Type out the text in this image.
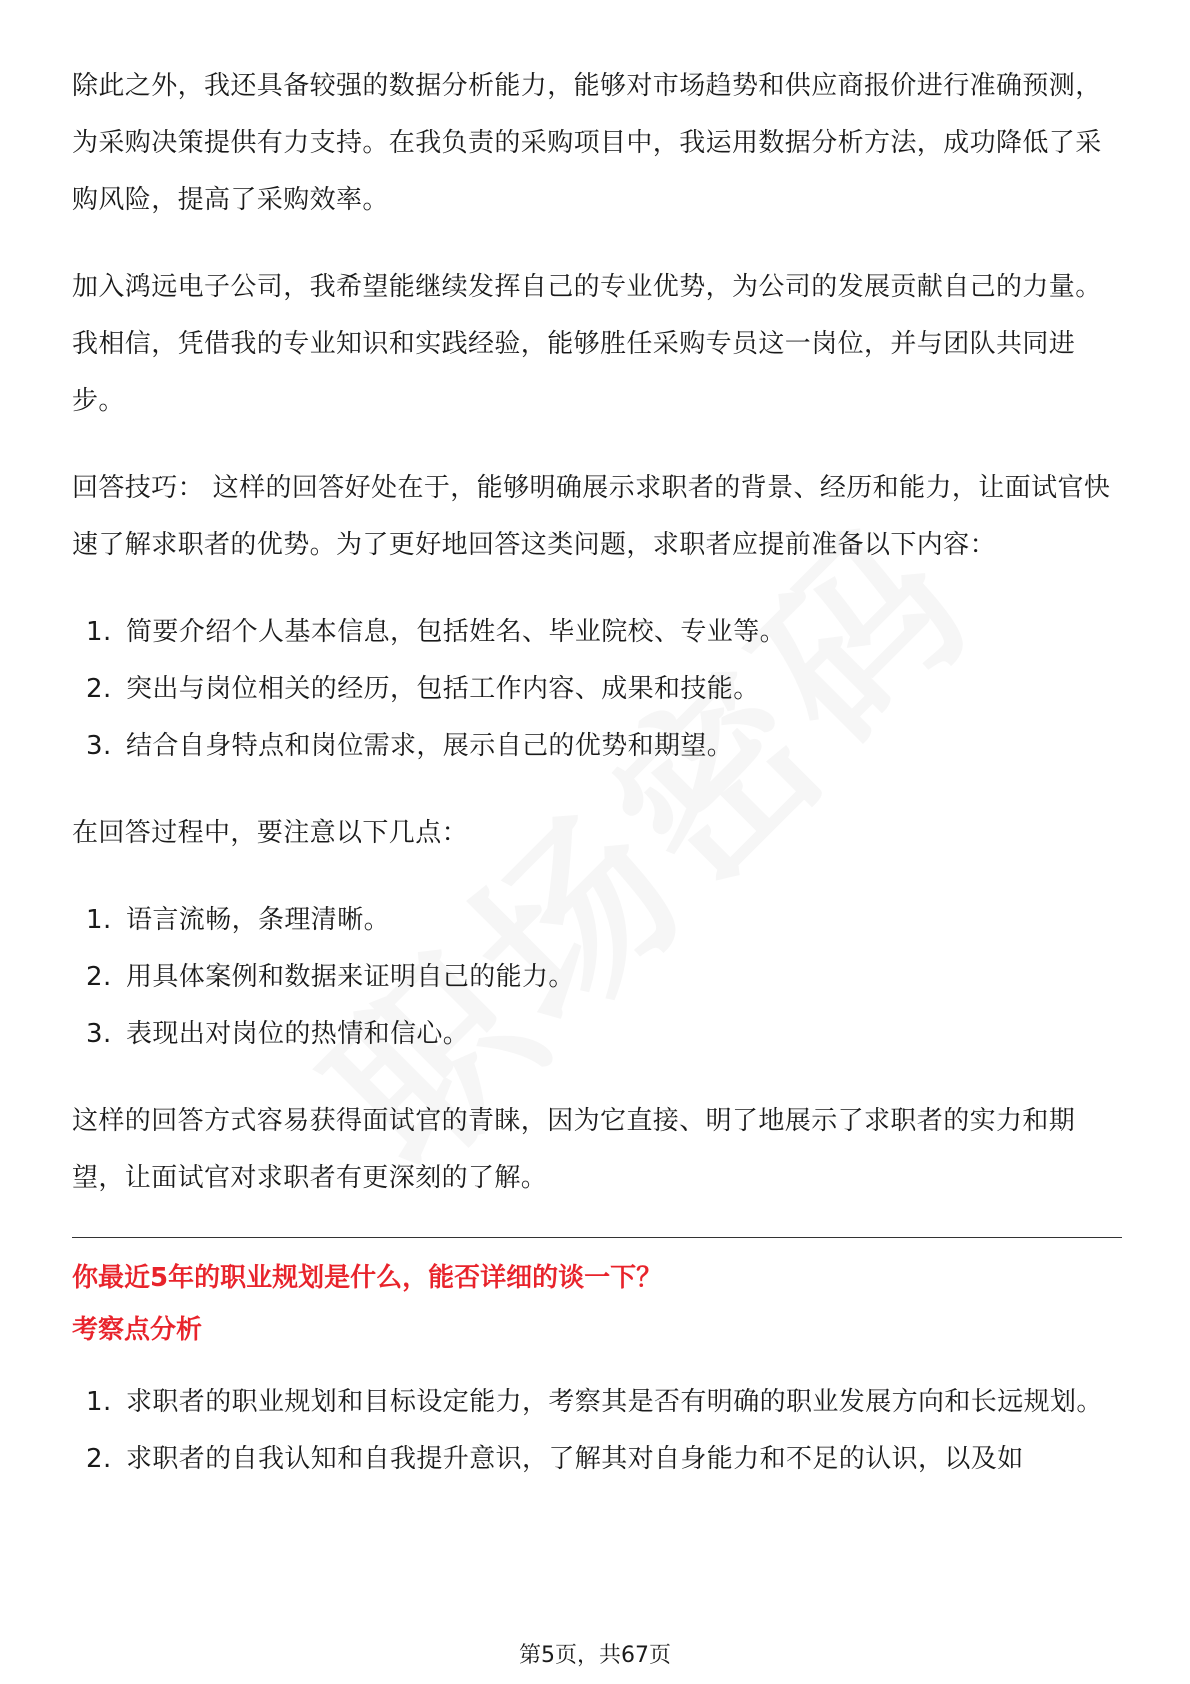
除此之外，我还具备较强的数据分析能力，能够对市场趋势和供应商报价进行准确预测，为采购决策提供有力支持。在我负责的采购项目中，我运用数据分析方法，成功降低了采购风险，提高了采购效率。

加入鸿远电子公司，我希望能继续发挥自己的专业优势，为公司的发展贡献自己的力量。我相信，凭借我的专业知识和实践经验，能够胜任采购专员这一岗位，并与团队共同进步。

回答技巧： 这样的回答好处在于，能够明确展示求职者的背景、经历和能力，让面试官快速了解求职者的优势。为了更好地回答这类问题，求职者应提前准备以下内容：

1. 简要介绍个人基本信息，包括姓名、毕业院校、专业等。
2. 突出与岗位相关的经历，包括工作内容、成果和技能。
3. 结合自身特点和岗位需求，展示自己的优势和期望。

在回答过程中，要注意以下几点：

1. 语言流畅，条理清晰。
2. 用具体案例和数据来证明自己的能力。
3. 表现出对岗位的热情和信心。

这样的回答方式容易获得面试官的青睐，因为它直接、明了地展示了求职者的实力和期望，让面试官对求职者有更深刻的了解。

你最近5年的职业规划是什么，能否详细的谈一下？
考察点分析
1. 求职者的职业规划和目标设定能力，考察其是否有明确的职业发展方向和长远规划。
2. 求职者的自我认知和自我提升意识，了解其对自身能力和不足的认识，以及如
第5页，共67页
